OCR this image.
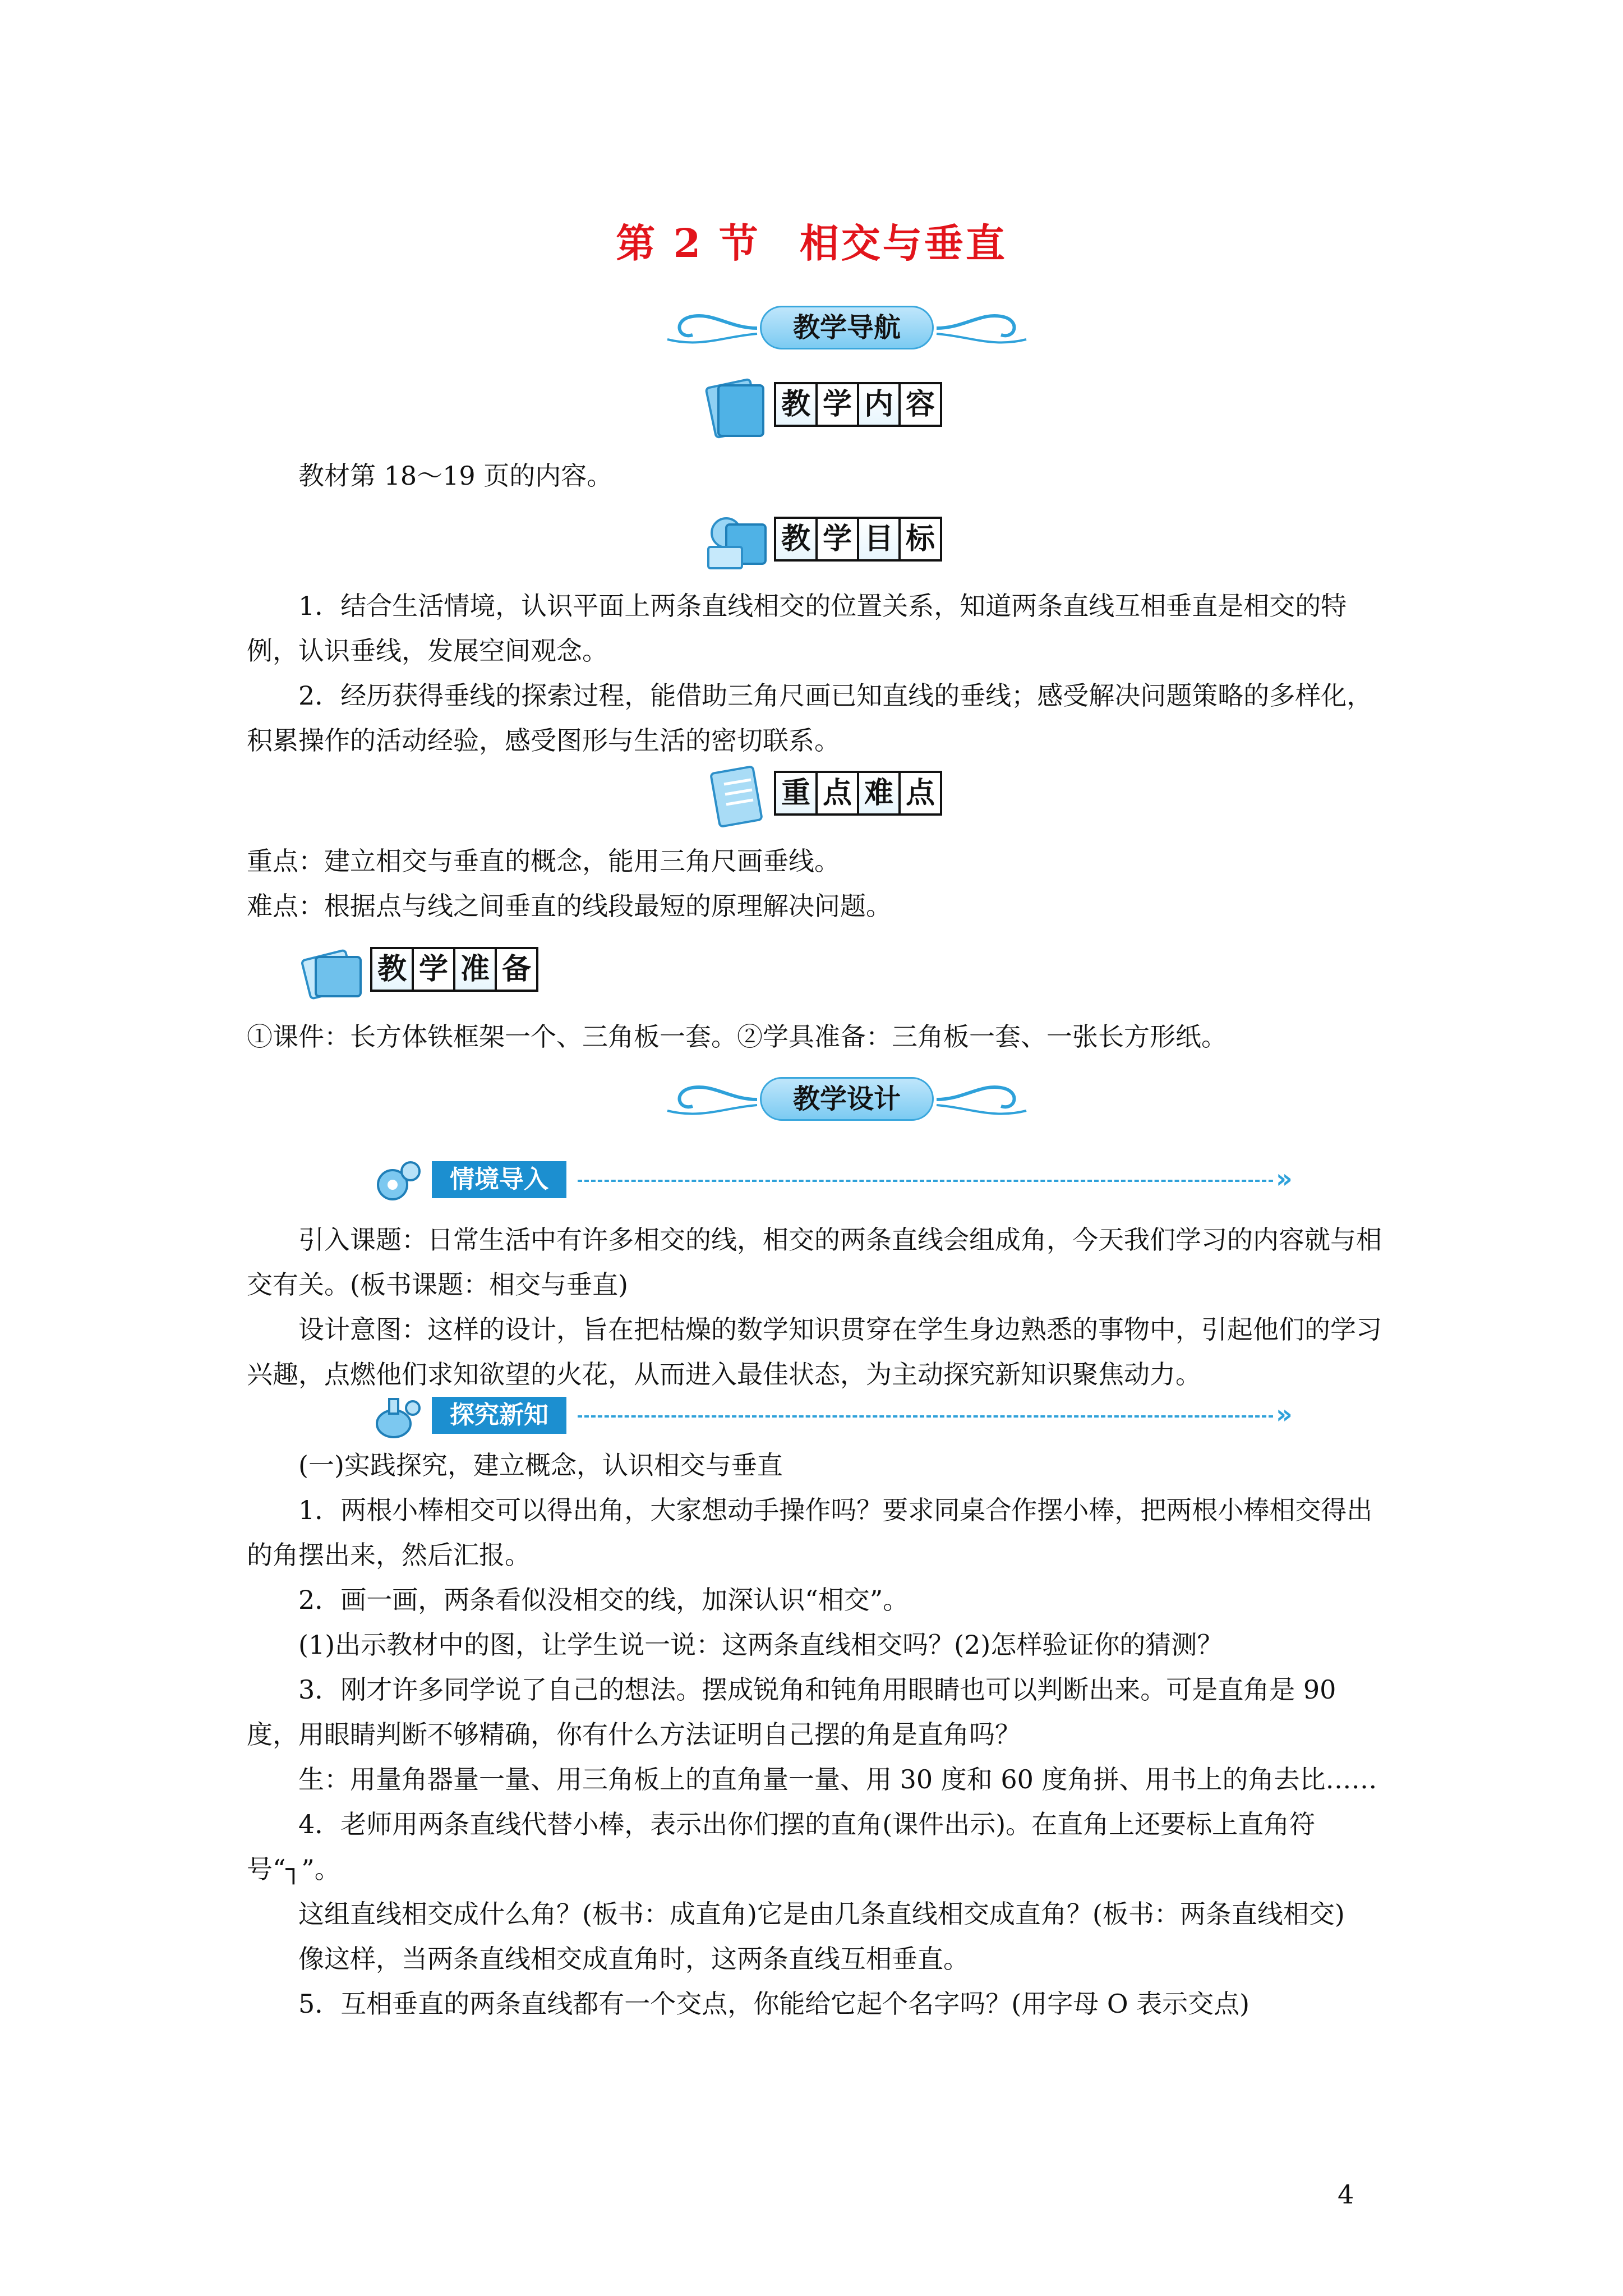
第 2 节 相交与垂直
教学导航
教 学 内 容

教材第 18～19 页的内容。

教 学 目 标

1．结合生活情境，认识平面上两条直线相交的位置关系，知道两条直线互相垂直是相交的特例，认识垂线，发展空间观念。

2．经历获得垂线的探索过程，能借助三角尺画已知直线的垂线；感受解决问题策略的多样化，积累操作的活动经验，感受图形与生活的密切联系。

重 点 难 点

重点：建立相交与垂直的概念，能用三角尺画垂线。

难点：根据点与线之间垂直的线段最短的原理解决问题。

教 学 准 备

①课件：长方体铁框架一个、三角板一套。②学具准备：三角板一套、一张长方形纸。

教学设计
情境导入	»

引入课题：日常生活中有许多相交的线，相交的两条直线会组成角，今天我们学习的内容就与相交有关。(板书课题：相交与垂直)

设计意图：这样的设计，旨在把枯燥的数学知识贯穿在学生身边熟悉的事物中，引起他们的学习兴趣，点燃他们求知欲望的火花，从而进入最佳状态，为主动探究新知识聚焦动力。

探究新知	»

(一)实践探究，建立概念，认识相交与垂直

1．两根小棒相交可以得出角，大家想动手操作吗？要求同桌合作摆小棒，把两根小棒相交得出的角摆出来，然后汇报。

2．画一画，两条看似没相交的线，加深认识“相交”。

(1)出示教材中的图，让学生说一说：这两条直线相交吗？(2)怎样验证你的猜测？

3．刚才许多同学说了自己的想法。摆成锐角和钝角用眼睛也可以判断出来。可是直角是 90 度，用眼睛判断不够精确，你有什么方法证明自己摆的角是直角吗？

生：用量角器量一量、用三角板上的直角量一量、用 30 度和 60 度角拼、用书上的角去比……

4．老师用两条直线代替小棒，表示出你们摆的直角(课件出示)。在直角上还要标上直角符号“┐”。

这组直线相交成什么角？(板书：成直角)它是由几条直线相交成直角？(板书：两条直线相交)

像这样，当两条直线相交成直角时，这两条直线互相垂直。

5．互相垂直的两条直线都有一个交点，你能给它起个名字吗？(用字母 O 表示交点)

4
